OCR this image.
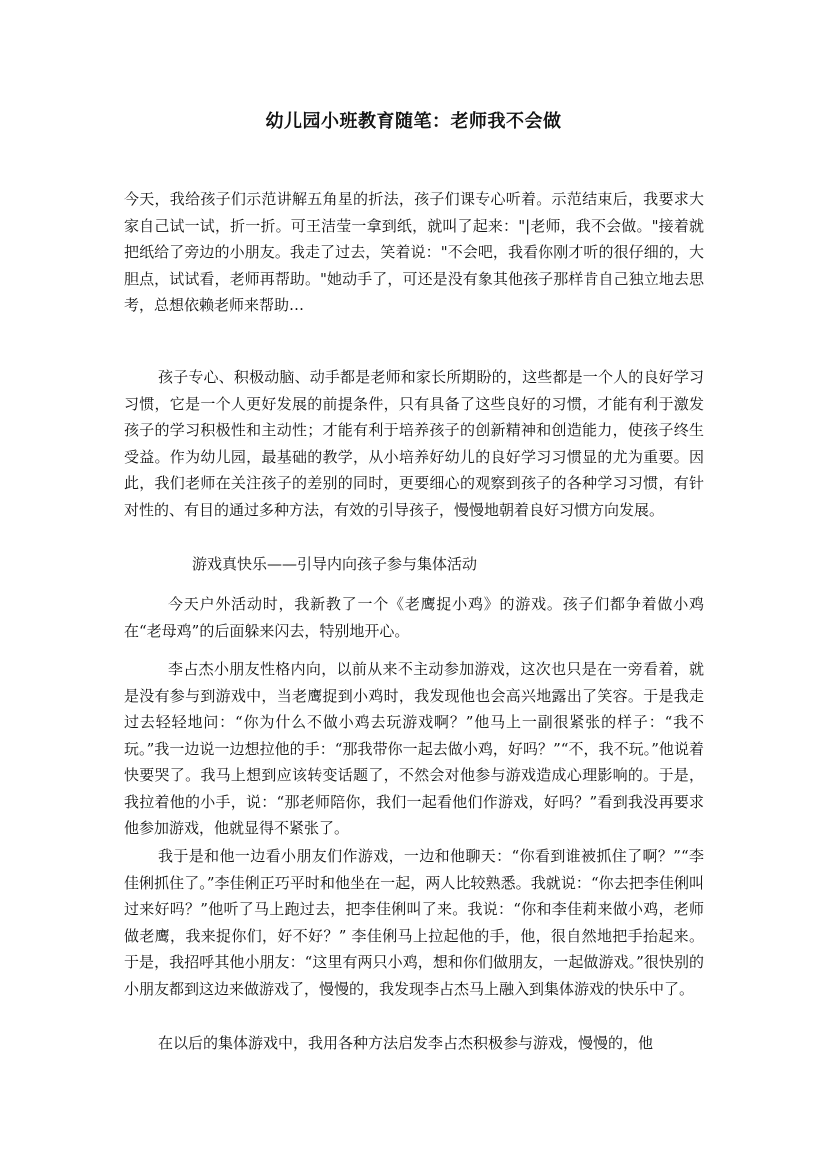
幼儿园小班教育随笔：老师我不会做

今天，我给孩子们示范讲解五角星的折法，孩子们课专心听着。示范结束后，我要求大家自己试一试，折一折。可王洁莹一拿到纸，就叫了起来："|老师，我不会做。"接着就把纸给了旁边的小朋友。我走了过去，笑着说："不会吧，我看你刚才听的很仔细的，大胆点，试试看，老师再帮助。"她动手了，可还是没有象其他孩子那样肯自己独立地去思考，总想依赖老师来帮助…

孩子专心、积极动脑、动手都是老师和家长所期盼的，这些都是一个人的良好学习习惯，它是一个人更好发展的前提条件，只有具备了这些良好的习惯，才能有利于激发孩子的学习积极性和主动性；才能有利于培养孩子的创新精神和创造能力，使孩子终生受益。作为幼儿园，最基础的教学，从小培养好幼儿的良好学习习惯显的尤为重要。因此，我们老师在关注孩子的差别的同时，更要细心的观察到孩子的各种学习习惯，有针对性的、有目的通过多种方法，有效的引导孩子，慢慢地朝着良好习惯方向发展。

游戏真快乐——引导内向孩子参与集体活动

今天户外活动时，我新教了一个《老鹰捉小鸡》的游戏。孩子们都争着做小鸡在“老母鸡”的后面躲来闪去，特别地开心。

李占杰小朋友性格内向，以前从来不主动参加游戏，这次也只是在一旁看着，就是没有参与到游戏中，当老鹰捉到小鸡时，我发现他也会高兴地露出了笑容。于是我走过去轻轻地问：“你为什么不做小鸡去玩游戏啊？”他马上一副很紧张的样子：“我不玩。”我一边说一边想拉他的手：“那我带你一起去做小鸡，好吗？”“不，我不玩。”他说着快要哭了。我马上想到应该转变话题了，不然会对他参与游戏造成心理影响的。于是，我拉着他的小手，说：“那老师陪你，我们一起看他们作游戏，好吗？”看到我没再要求他参加游戏，他就显得不紧张了。

我于是和他一边看小朋友们作游戏，一边和他聊天：“你看到谁被抓住了啊？”“李佳俐抓住了。”李佳俐正巧平时和他坐在一起，两人比较熟悉。我就说：“你去把李佳俐叫过来好吗？”他听了马上跑过去，把李佳俐叫了来。我说：“你和李佳莉来做小鸡，老师做老鹰，我来捉你们，好不好？” 李佳俐马上拉起他的手，他，很自然地把手抬起来。于是，我招呼其他小朋友：“这里有两只小鸡，想和你们做朋友，一起做游戏。”很快别的小朋友都到这边来做游戏了，慢慢的，我发现李占杰马上融入到集体游戏的快乐中了。

在以后的集体游戏中，我用各种方法启发李占杰积极参与游戏，慢慢的，他
